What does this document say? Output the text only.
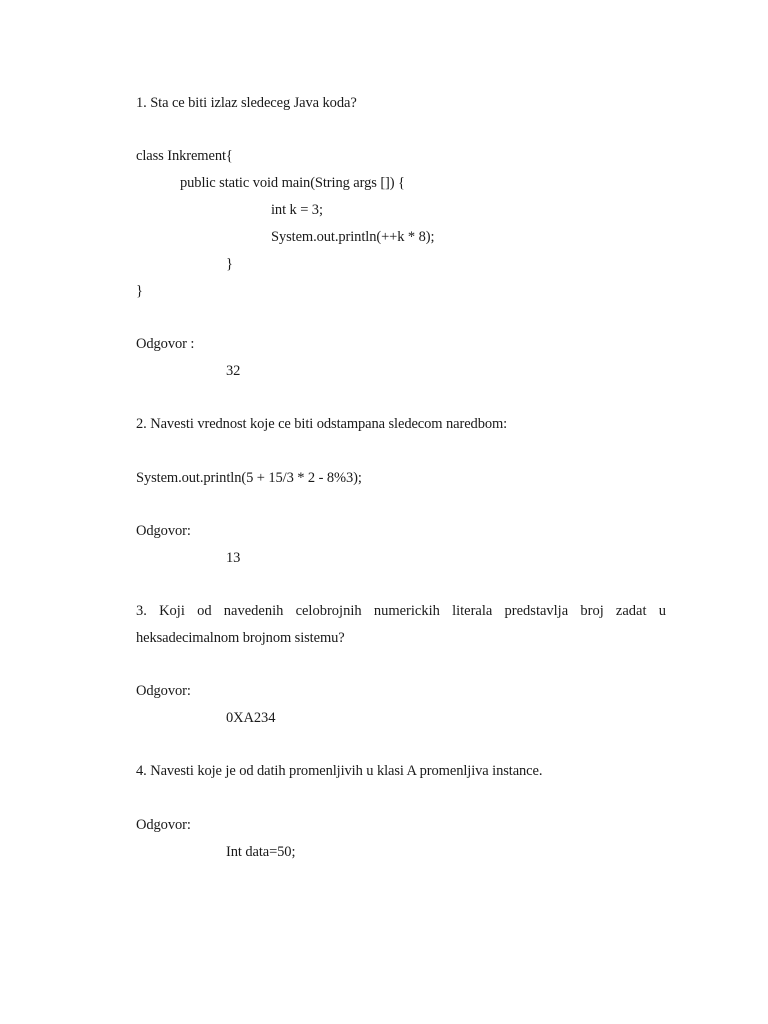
1. Sta ce biti izlaz sledeceg Java koda?
class Inkrement{
public static void main(String args []) {
int k = 3;
System.out.println(++k * 8);
}
}
Odgovor :
32
2. Navesti vrednost koje ce biti odstampana sledecom naredbom:
System.out.println(5 + 15/3 * 2 - 8%3);
Odgovor:
13
3. Koji od navedenih celobrojnih numerickih literala predstavlja broj zadat u
heksadecimalnom brojnom sistemu?
Odgovor:
0XA234
4. Navesti koje je od datih promenljivih u klasi A promenljiva instance.
Odgovor:
Int data=50;
